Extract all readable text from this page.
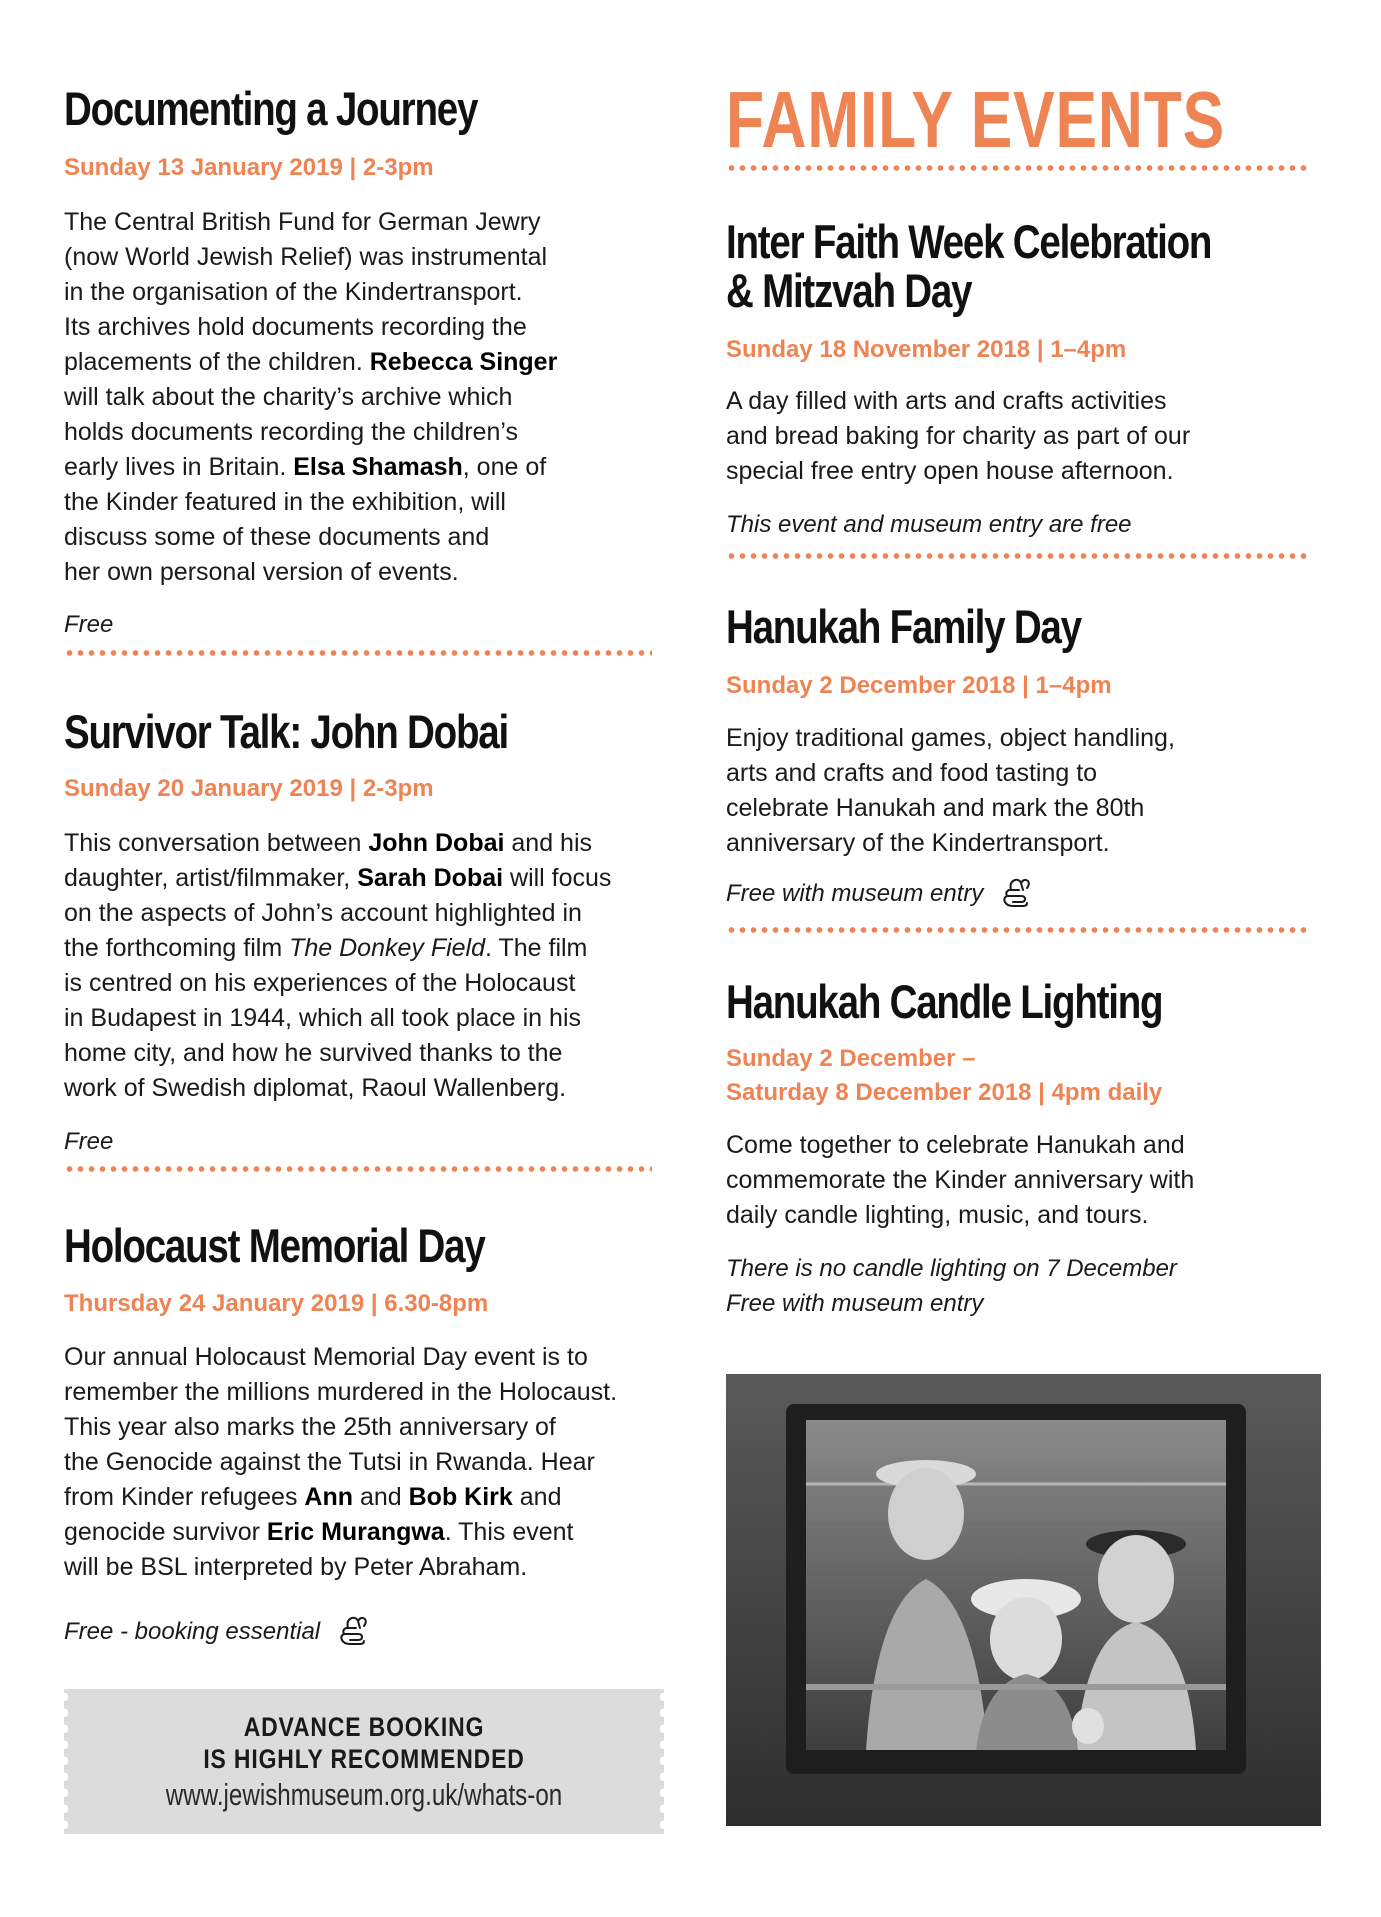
Documenting a Journey

Sunday 13 January 2019 | 2-3pm

The Central British Fund for German Jewry
(now World Jewish Relief) was instrumental
in the organisation of the Kindertransport.
Its archives hold documents recording the
placements of the children. Rebecca Singer
will talk about the charity’s archive which
holds documents recording the children’s
early lives in Britain. Elsa Shamash, one of
the Kinder featured in the exhibition, will
discuss some of these documents and
her own personal version of events.

Free

Survivor Talk: John Dobai

Sunday 20 January 2019 | 2-3pm

This conversation between John Dobai and his
daughter, artist/filmmaker, Sarah Dobai will focus
on the aspects of John’s account highlighted in
the forthcoming film The Donkey Field. The film
is centred on his experiences of the Holocaust
in Budapest in 1944, which all took place in his
home city, and how he survived thanks to the
work of Swedish diplomat, Raoul Wallenberg.

Free

Holocaust Memorial Day

Thursday 24 January 2019 | 6.30-8pm

Our annual Holocaust Memorial Day event is to
remember the millions murdered in the Holocaust.
This year also marks the 25th anniversary of
the Genocide against the Tutsi in Rwanda. Hear
from Kinder refugees Ann and Bob Kirk and
genocide survivor Eric Murangwa. This event
will be BSL interpreted by Peter Abraham.

Free - booking essential

ADVANCE BOOKING

IS HIGHLY RECOMMENDED

www.jewishmuseum.org.uk/whats-on

FAMILY EVENTS
Inter Faith Week Celebration
& Mitzvah Day

Sunday 18 November 2018 | 1–4pm

A day filled with arts and crafts activities
and bread baking for charity as part of our
special free entry open house afternoon.

This event and museum entry are free

Hanukah Family Day

Sunday 2 December 2018 | 1–4pm

Enjoy traditional games, object handling,
arts and crafts and food tasting to
celebrate Hanukah and mark the 80th
anniversary of the Kindertransport.

Free with museum entry

Hanukah Candle Lighting

Sunday 2 December –

Saturday 8 December 2018 | 4pm daily

Come together to celebrate Hanukah and
commemorate the Kinder anniversary with
daily candle lighting, music, and tours.

There is no candle lighting on 7 December

Free with museum entry
